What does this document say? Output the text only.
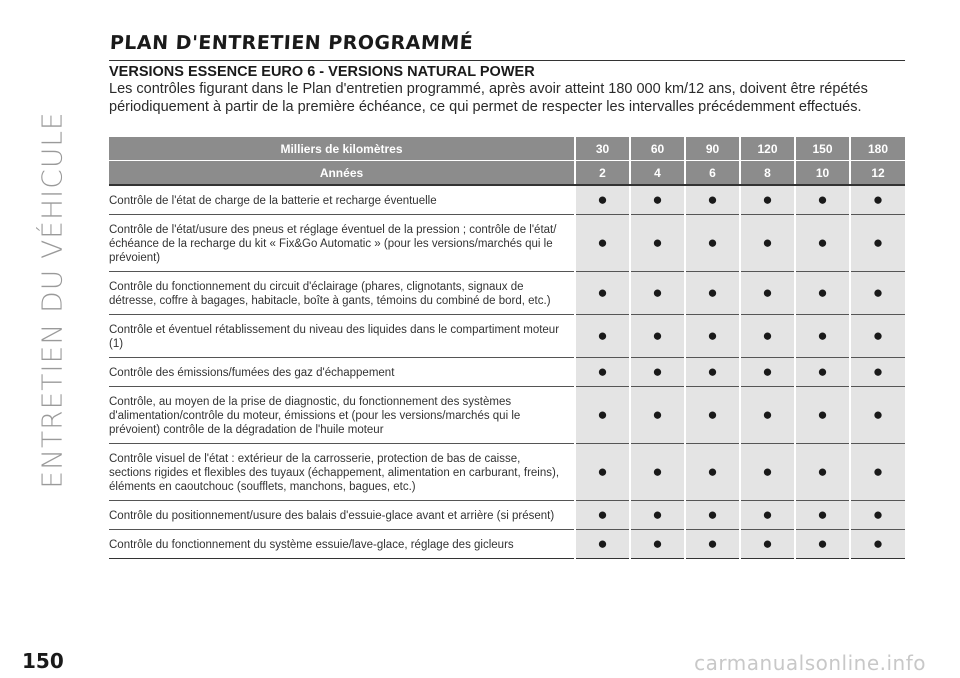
ENTRETIEN DU VÉHICULE
PLAN D'ENTRETIEN PROGRAMMÉ
VERSIONS ESSENCE EURO 6 - VERSIONS NATURAL POWER
Les contrôles figurant dans le Plan d'entretien programmé, après avoir atteint 180 000 km/12 ans, doivent être répétés périodiquement à partir de la première échéance, ce qui permet de respecter les intervalles précédemment effectués.
Milliers de kilomètres	30	60	90	120	150	180
Années	2	4	6	8	10	12
Contrôle de l'état de charge de la batterie et recharge éventuelle	●	●	●	●	●	●
Contrôle de l'état/usure des pneus et réglage éventuel de la pression ; contrôle de l'état/échéance de la recharge du kit « Fix&Go Automatic » (pour les versions/marchés qui le prévoient)	●	●	●	●	●	●
Contrôle du fonctionnement du circuit d'éclairage (phares, clignotants, signaux de détresse, coffre à bagages, habitacle, boîte à gants, témoins du combiné de bord, etc.)	●	●	●	●	●	●
Contrôle et éventuel rétablissement du niveau des liquides dans le compartiment moteur (1)	●	●	●	●	●	●
Contrôle des émissions/fumées des gaz d'échappement	●	●	●	●	●	●
Contrôle, au moyen de la prise de diagnostic, du fonctionnement des systèmes d'alimentation/contrôle du moteur, émissions et (pour les versions/marchés qui le prévoient) contrôle de la dégradation de l'huile moteur	●	●	●	●	●	●
Contrôle visuel de l'état : extérieur de la carrosserie, protection de bas de caisse, sections rigides et flexibles des tuyaux (échappement, alimentation en carburant, freins), éléments en caoutchouc (soufflets, manchons, bagues, etc.)	●	●	●	●	●	●
Contrôle du positionnement/usure des balais d'essuie-glace avant et arrière (si présent)	●	●	●	●	●	●
Contrôle du fonctionnement du système essuie/lave-glace, réglage des gicleurs	●	●	●	●	●	●
150	carmanualsonline.info
